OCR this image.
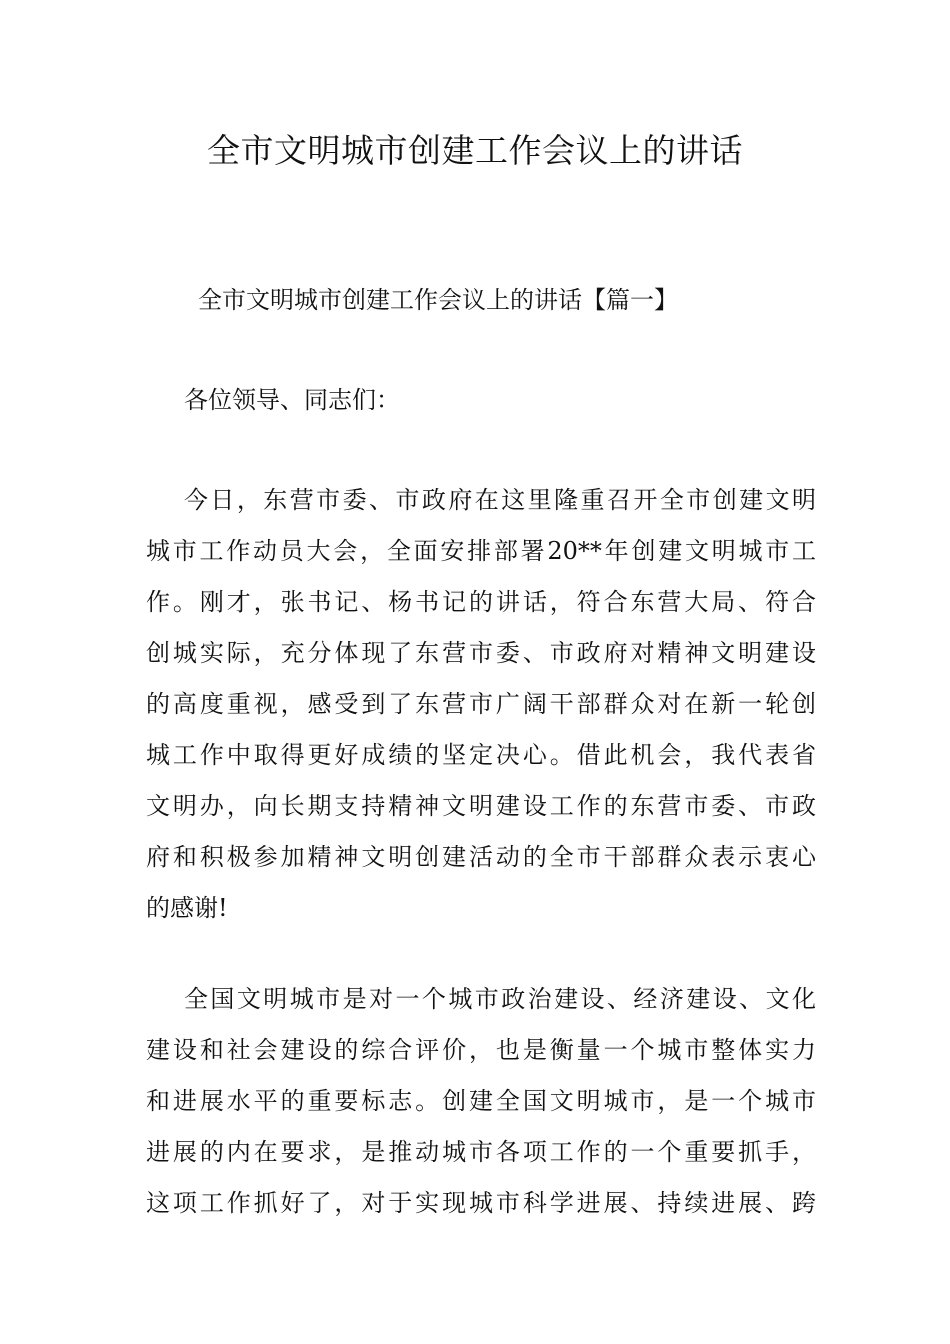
全市文明城市创建工作会议上的讲话

全市文明城市创建工作会议上的讲话【篇一】

各位领导、同志们：

今日，东营市委、市政府在这里隆重召开全市创建文明
城市工作动员大会，全面安排部署20**年创建文明城市工
作。刚才，张书记、杨书记的讲话，符合东营大局、符合
创城实际，充分体现了东营市委、市政府对精神文明建设
的高度重视，感受到了东营市广阔干部群众对在新一轮创
城工作中取得更好成绩的坚定决心。借此机会，我代表省
文明办，向长期支持精神文明建设工作的东营市委、市政
府和积极参加精神文明创建活动的全市干部群众表示衷心
的感谢!
全国文明城市是对一个城市政治建设、经济建设、文化
建设和社会建设的综合评价，也是衡量一个城市整体实力
和进展水平的重要标志。创建全国文明城市，是一个城市
进展的内在要求，是推动城市各项工作的一个重要抓手，
这项工作抓好了，对于实现城市科学进展、持续进展、跨
